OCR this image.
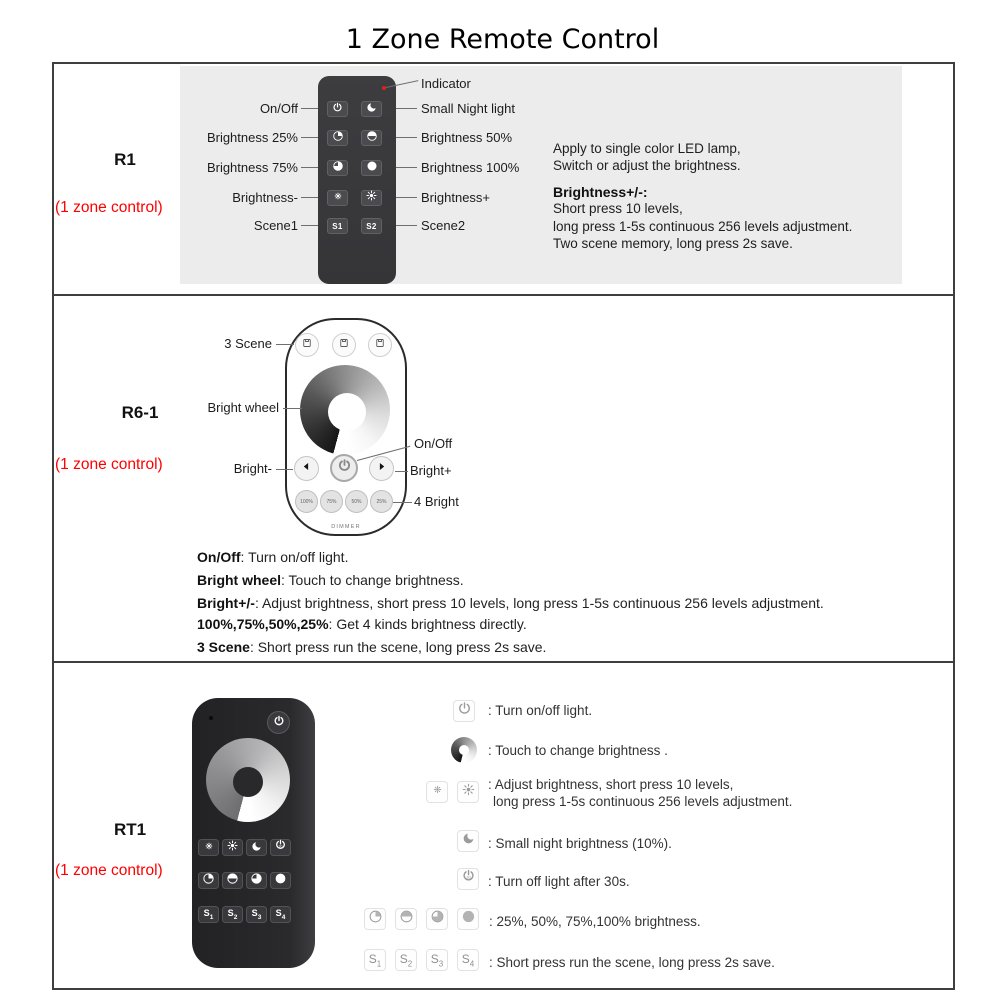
1 Zone Remote Control
R1
(1 zone control)
S1	S2
On/Off
Brightness 25%
Brightness 75%
Brightness-
Scene1
Indicator
Small Night light
Brightness 50%
Brightness 100%
Brightness+
Scene2
Apply to single color LED lamp,
Switch or adjust the brightness.
Brightness+/-:
Short press 10 levels,
long press 1-5s continuous 256 levels adjustment.
Two scene memory, long press 2s save.
R6-1
(1 zone control)
100%	75%	50%	25%
DIMMER
3 Scene
Bright wheel
On/Off
Bright-	Bright+
4 Bright
On/Off: Turn on/off light.
Bright wheel: Touch to change brightness.
Bright+/-: Adjust brightness, short press 10 levels, long press 1-5s continuous 256 levels adjustment.
100%,75%,50%,25%: Get 4 kinds brightness directly.
3 Scene: Short press run the scene, long press 2s save.
RT1
(1 zone control)
30
$S_1$ $S_2$ $S_3$ $S_4$
: Turn on/off light.
: Touch to change brightness .
: Adjust brightness, short press 10 levels,
long press 1-5s continuous 256 levels adjustment.
: Small night brightness (10%).
30 : Turn off light after 30s.
: 25%, 50%, 75%,100% brightness.
$S_1$ $S_2$ $S_3$ $S_4$ : Short press run the scene, long press 2s save.
